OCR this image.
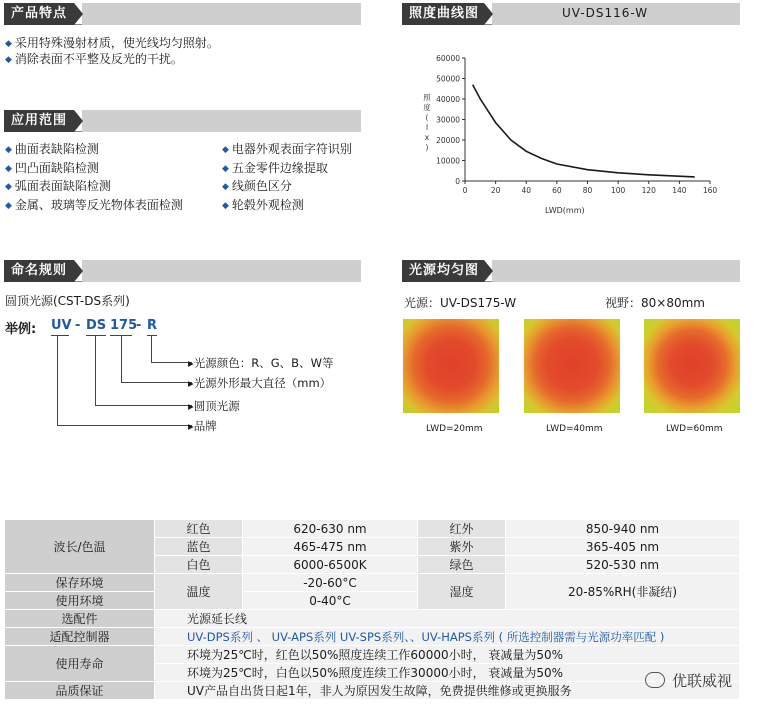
产品特点
◆ 采用特殊漫射材质，使光线均匀照射。
◆ 消除表面不平整及反光的干扰。
应用范围
◆ 曲面表缺陷检测
◆ 凹凸面缺陷检测
◆ 弧面表面缺陷检测
◆ 金属、玻璃等反光物体表面检测
◆ 电器外观表面字符识别
◆ 五金零件边缘提取
◆ 线颜色区分
◆ 轮毂外观检测
命名规则
圆顶光源(CST-DS系列)
举例: UV - DS 175
- R
▸光源颜色：R、G、B、W等
▸光源外形最大直径（mm）
▸圆顶光源
▸品牌
照度曲线图	UV-DS116-W
0
10000
20000
30000
40000
50000
60000
0	20	40	60	80 100 120 140 160
照度( l x )
LWD(mm)
光源均匀图
光源：UV-DS175-W	视野：80×80mm
LWD=20mm	LWD=40mm	LWD=60mm
波长/色温	红色	620-630 nm	红外	850-940 nm
	蓝色	465-475 nm	紫外	365-405 nm
	白色	6000-6500K	绿色	520-530 nm
保存环境	温度	-20-60°C	湿度	20-85%RH(非凝结)
使用环境		0-40°C		
选配件	光源延长线			
适配控制器	UV-DPS系列 、 UV-APS系列 UV-SPS系列、、UV-HAPS系列 ( 所选控制器需与光源功率匹配 )			
使用寿命	环境为25℃时，红色以50%照度连续工作60000小时， 衰减量为50%			
	环境为25℃时，白色以50%照度连续工作30000小时， 衰减量为50%			
品质保证	UV产品自出货日起1年，非人为原因发生故障，免费提供维修或更换服务			
优联威视
